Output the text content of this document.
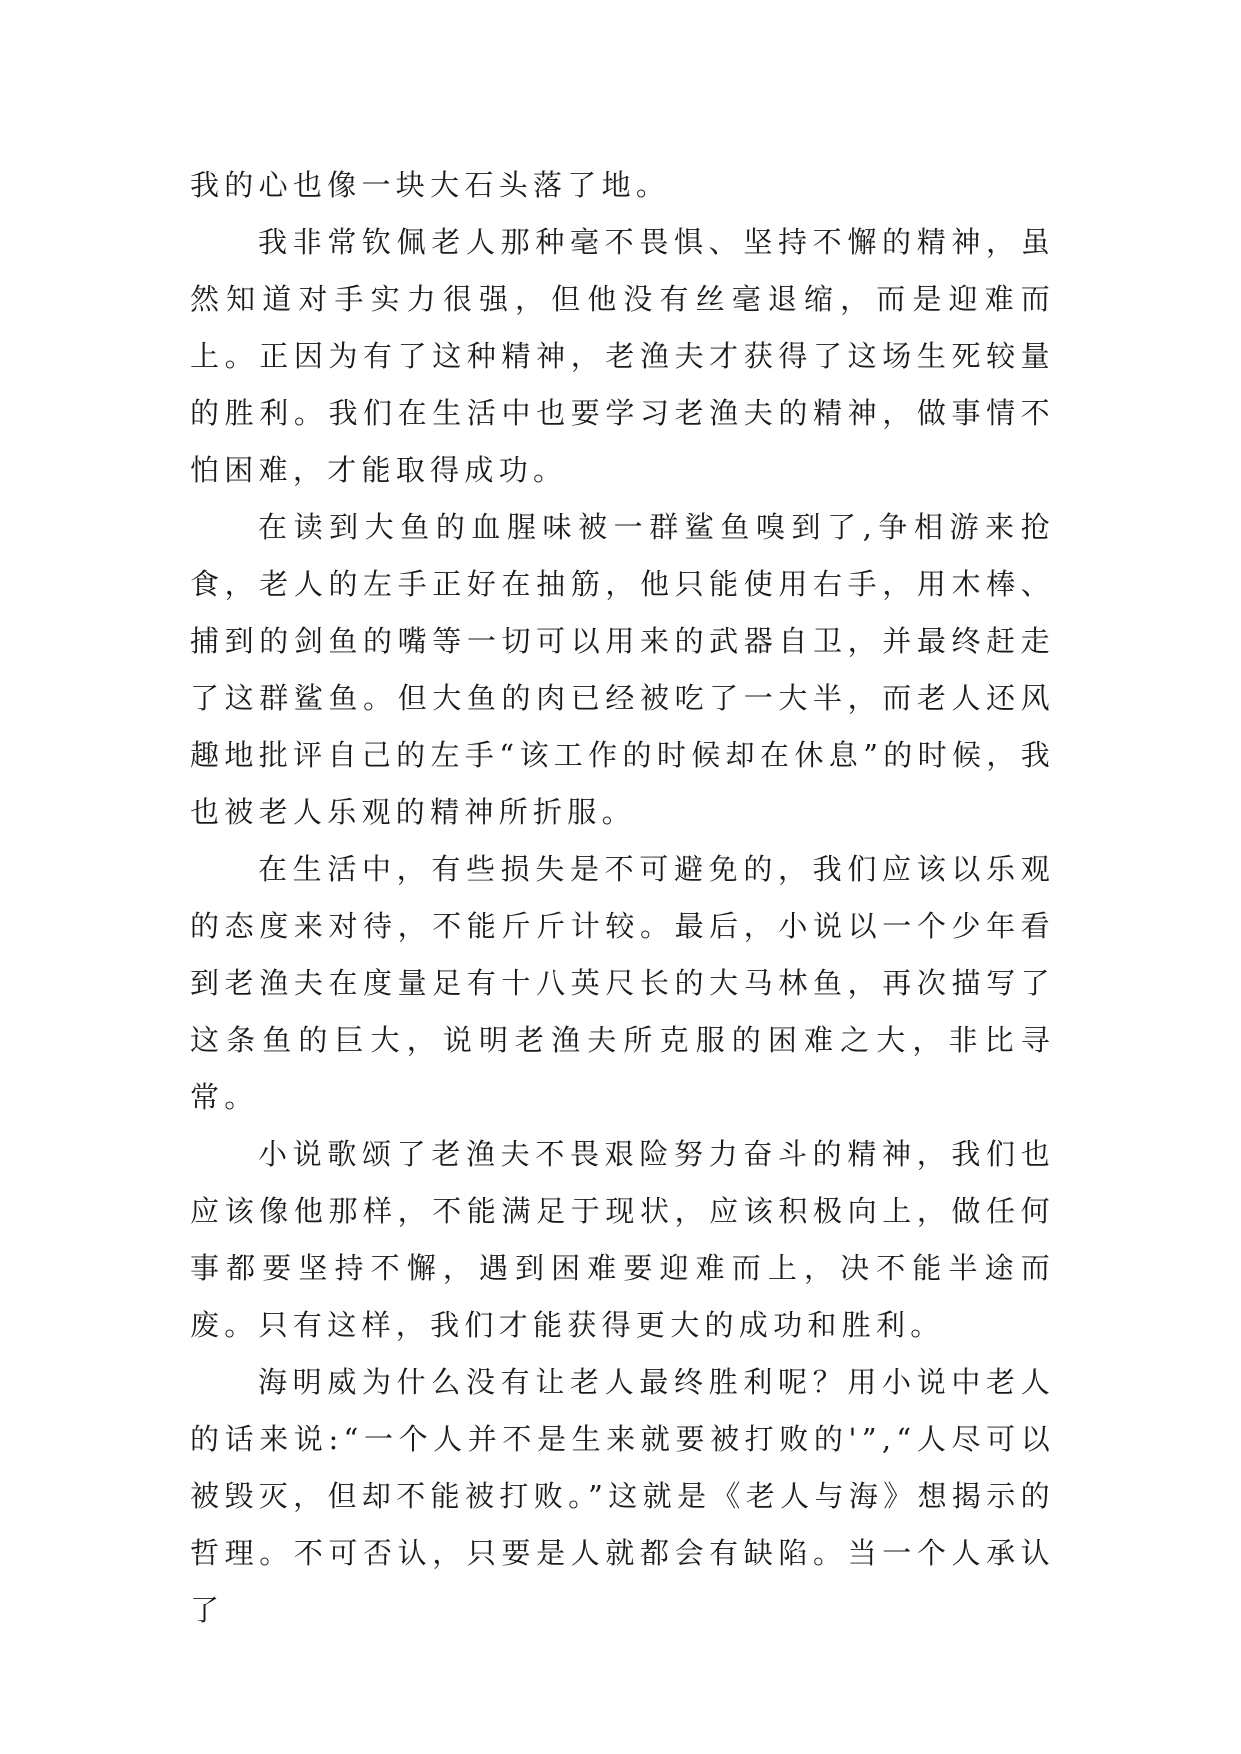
我的心也像一块大石头落了地。

我非常钦佩老人那种毫不畏惧、坚持不懈的精神，虽然知道对手实力很强，但他没有丝毫退缩，而是迎难而上。正因为有了这种精神，老渔夫才获得了这场生死较量的胜利。我们在生活中也要学习老渔夫的精神，做事情不怕困难，才能取得成功。

在读到大鱼的血腥味被一群鲨鱼嗅到了,争相游来抢食，老人的左手正好在抽筋，他只能使用右手，用木棒、捕到的剑鱼的嘴等一切可以用来的武器自卫，并最终赶走了这群鲨鱼。但大鱼的肉已经被吃了一大半，而老人还风趣地批评自己的左手“该工作的时候却在休息”的时候，我也被老人乐观的精神所折服。

在生活中，有些损失是不可避免的，我们应该以乐观的态度来对待，不能斤斤计较。最后，小说以一个少年看到老渔夫在度量足有十八英尺长的大马林鱼，再次描写了这条鱼的巨大，说明老渔夫所克服的困难之大，非比寻常。

小说歌颂了老渔夫不畏艰险努力奋斗的精神，我们也应该像他那样，不能满足于现状，应该积极向上，做任何事都要坚持不懈，遇到困难要迎难而上，决不能半途而废。只有这样，我们才能获得更大的成功和胜利。

海明威为什么没有让老人最终胜利呢？用小说中老人的话来说:“一个人并不是生来就要被打败的'”,“人尽可以被毁灭，但却不能被打败。”这就是《老人与海》想揭示的哲理。不可否认，只要是人就都会有缺陷。当一个人承认了
